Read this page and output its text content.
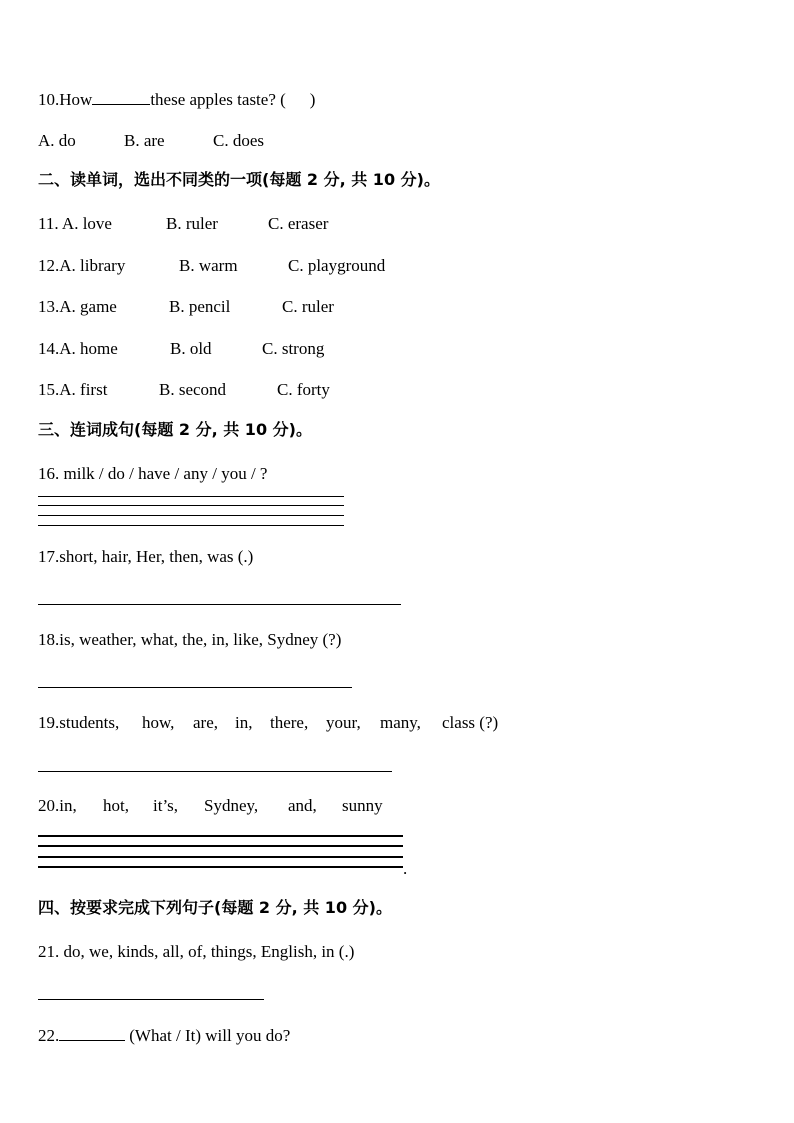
10.How	these apples taste? ( )
A. do	B. are	C. does
二、读单词，选出不同类的一项(每题 2 分, 共 10 分)。
11. A. love	B. ruler	C. eraser
12.A. library	B. warm	C. playground
13.A. game	B. pencil	C. ruler
14.A. home	B. old	C. strong
15.A. first	B. second	C. forty
三、连词成句(每题 2 分, 共 10 分)。
16. milk / do / have / any / you / ?
17.short, hair, Her, then, was (.)
18.is, weather, what, the, in, like, Sydney (?)
19.students, how, are, in, there, your, many, class (?)
20.in, hot, it’s, Sydney, and, sunny
.
四、按要求完成下列句子(每题 2 分, 共 10 分)。
21. do, we, kinds, all, of, things, English, in (.)
22.	(What / It) will you do?
